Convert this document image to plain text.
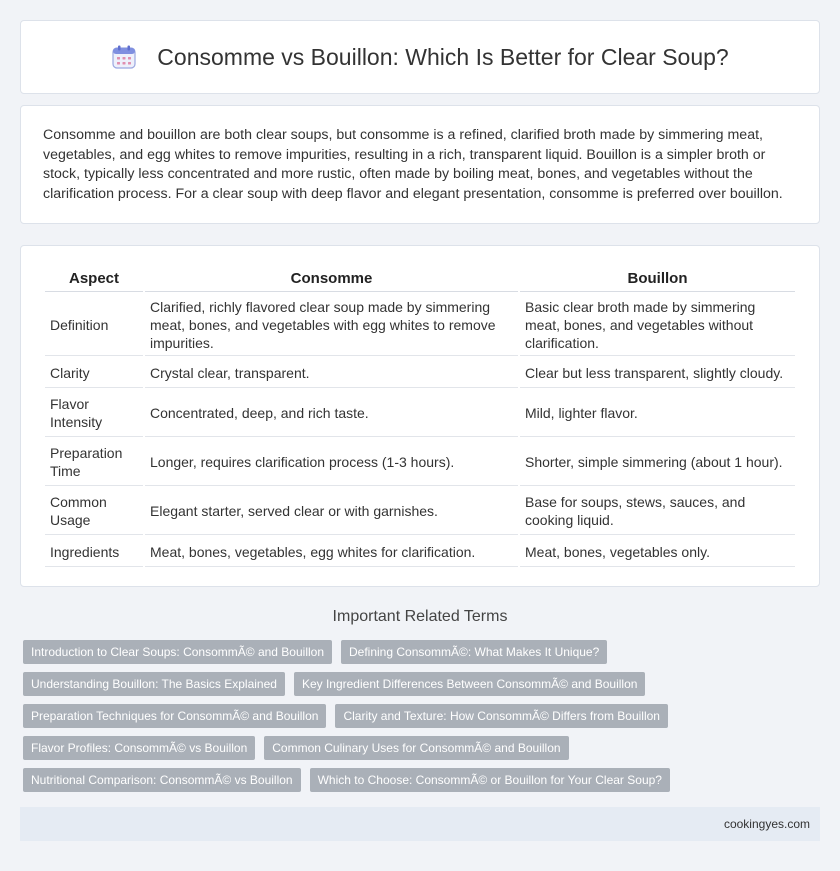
Consomme vs Bouillon: Which Is Better for Clear Soup?

Consomme and bouillon are both clear soups, but consomme is a refined, clarified broth made by simmering meat, vegetables, and egg whites to remove impurities, resulting in a rich, transparent liquid. Bouillon is a simpler broth or stock, typically less concentrated and more rustic, often made by boiling meat, bones, and vegetables without the clarification process. For a clear soup with deep flavor and elegant presentation, consomme is preferred over bouillon.

Aspect	Consomme	Bouillon
Definition	Clarified, richly flavored clear soup made by simmering meat, bones, and vegetables with egg whites to remove impurities.	Basic clear broth made by simmering meat, bones, and vegetables without clarification.
Clarity	Crystal clear, transparent.	Clear but less transparent, slightly cloudy.
Flavor Intensity	Concentrated, deep, and rich taste.	Mild, lighter flavor.
Preparation Time	Longer, requires clarification process (1-3 hours).	Shorter, simple simmering (about 1 hour).
Common Usage	Elegant starter, served clear or with garnishes.	Base for soups, stews, sauces, and cooking liquid.
Ingredients	Meat, bones, vegetables, egg whites for clarification.	Meat, bones, vegetables only.
Important Related Terms
Introduction to Clear Soups: ConsommÃ© and Bouillon	Defining ConsommÃ©: What Makes It Unique?
Understanding Bouillon: The Basics Explained	Key Ingredient Differences Between ConsommÃ© and Bouillon
Preparation Techniques for ConsommÃ© and Bouillon	Clarity and Texture: How ConsommÃ© Differs from Bouillon
Flavor Profiles: ConsommÃ© vs Bouillon	Common Culinary Uses for ConsommÃ© and Bouillon
Nutritional Comparison: ConsommÃ© vs Bouillon	Which to Choose: ConsommÃ© or Bouillon for Your Clear Soup?
cookingyes.com
